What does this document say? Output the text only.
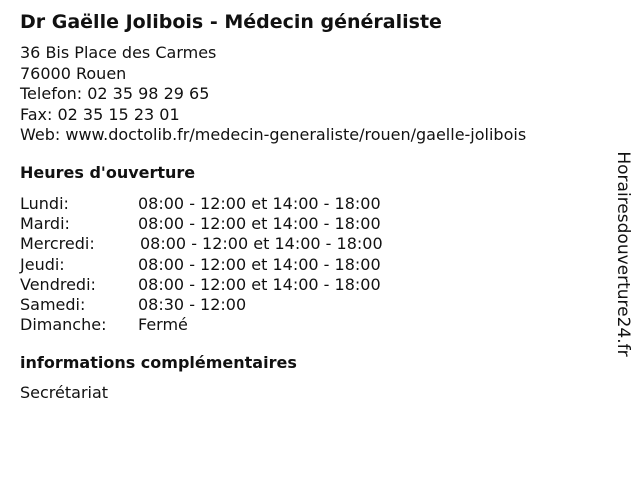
Dr Gaëlle Jolibois - Médecin généraliste
36 Bis Place des Carmes
76000 Rouen
Telefon: 02 35 98 29 65
Fax: 02 35 15 23 01
Web: www.doctolib.fr/medecin-generaliste/rouen/gaelle-jolibois
Heures d'ouverture
Lundi:	08:00 - 12:00 et 14:00 - 18:00
Mardi:	08:00 - 12:00 et 14:00 - 18:00
Mercredi:	08:00 - 12:00 et 14:00 - 18:00
Jeudi:	08:00 - 12:00 et 14:00 - 18:00
Vendredi:	08:00 - 12:00 et 14:00 - 18:00
Samedi:	08:30 - 12:00
Dimanche: Fermé
informations complémentaires
Secrétariat
Horairesdouverture24.fr
